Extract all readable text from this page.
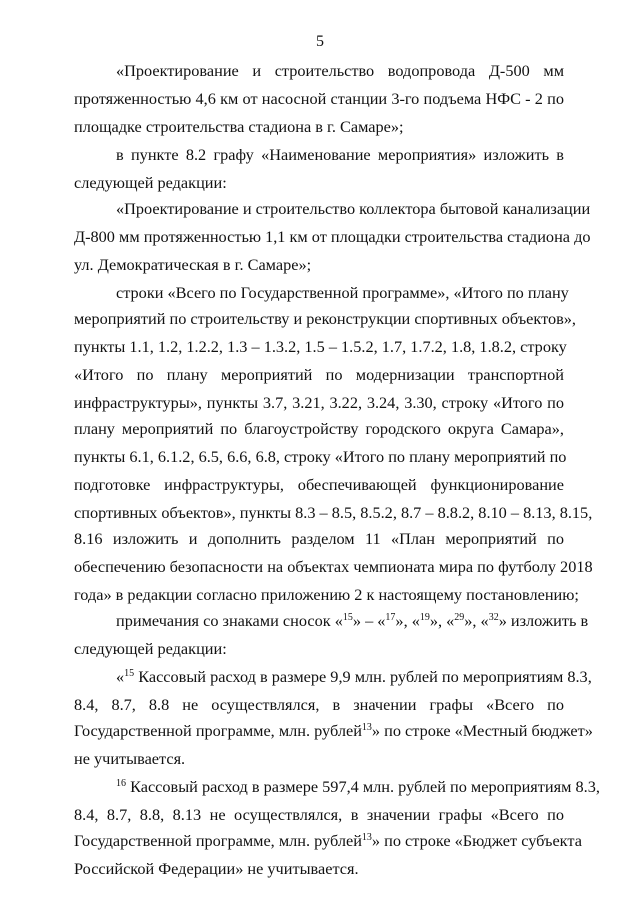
5
«Проектирование и строительство водопровода Д-500 мм
протяженностью 4,6 км от насосной станции 3-го подъема НФС - 2 по
площадке строительства стадиона в г. Самаре»;
в пункте 8.2 графу «Наименование мероприятия» изложить в
следующей редакции:
«Проектирование и строительство коллектора бытовой канализации
Д-800 мм протяженностью 1,1 км от площадки строительства стадиона до
ул. Демократическая в г. Самаре»;
строки «Всего по Государственной программе», «Итого по плану
мероприятий по строительству и реконструкции спортивных объектов»,
пункты 1.1, 1.2, 1.2.2, 1.3 – 1.3.2, 1.5 – 1.5.2, 1.7, 1.7.2, 1.8, 1.8.2, строку
«Итого по плану мероприятий по модернизации транспортной
инфраструктуры», пункты 3.7, 3.21, 3.22, 3.24, 3.30, строку «Итого по
плану мероприятий по благоустройству городского округа Самара»,
пункты 6.1, 6.1.2, 6.5, 6.6, 6.8, строку «Итого по плану мероприятий по
подготовке инфраструктуры, обеспечивающей функционирование
спортивных объектов», пункты 8.3 – 8.5, 8.5.2, 8.7 – 8.8.2, 8.10 – 8.13, 8.15,
8.16 изложить и дополнить разделом 11 «План мероприятий по
обеспечению безопасности на объектах чемпионата мира по футболу 2018
года» в редакции согласно приложению 2 к настоящему постановлению;
примечания со знаками сносок «$^{15}$» – «$^{17}$», «$^{19}$», «$^{29}$», «$^{32}$» изложить в
следующей редакции:
«$^{15}$ Кассовый расход в размере 9,9 млн. рублей по мероприятиям 8.3,
8.4, 8.7, 8.8 не осуществлялся, в значении графы «Всего по
Государственной программе, млн. рублей$^{13}$» по строке «Местный бюджет»
не учитывается.
$^{16}$ Кассовый расход в размере 597,4 млн. рублей по мероприятиям 8.3,
8.4, 8.7, 8.8, 8.13 не осуществлялся, в значении графы «Всего по
Государственной программе, млн. рублей$^{13}$» по строке «Бюджет субъекта
Российской Федерации» не учитывается.
